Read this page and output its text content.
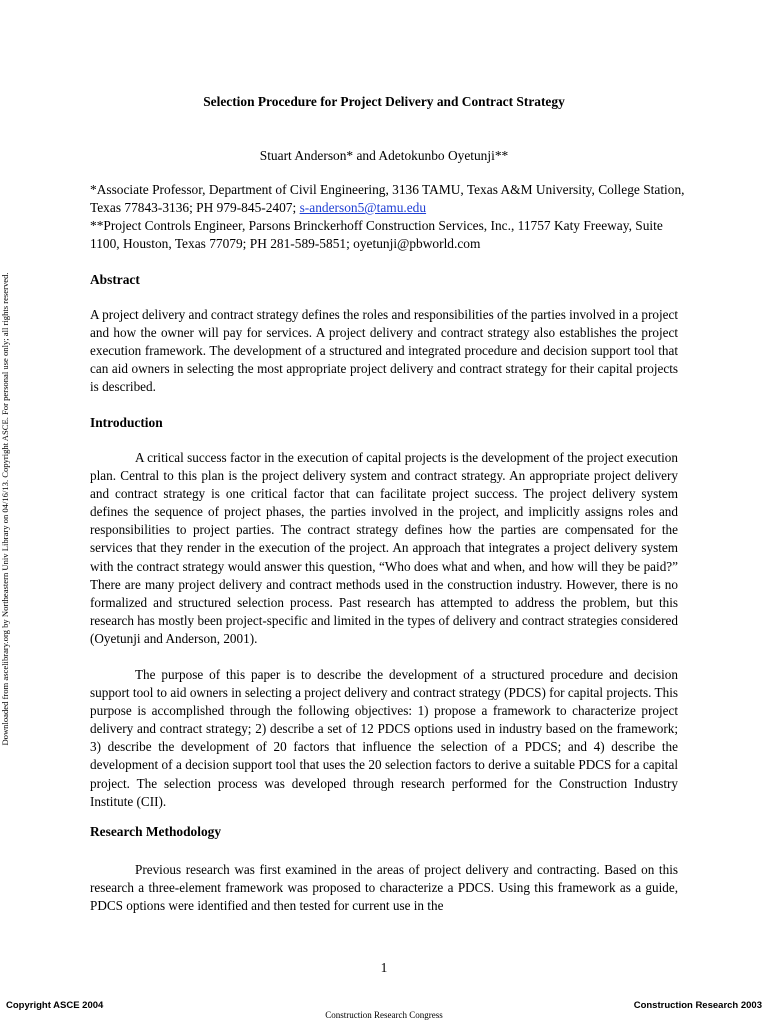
Downloaded from ascelibrary.org by Northeastern Univ Library on 04/16/13. Copyright ASCE. For personal use only; all rights reserved.
Selection Procedure for Project Delivery and Contract Strategy
Stuart Anderson* and Adetokunbo Oyetunji**
*Associate Professor, Department of Civil Engineering, 3136 TAMU, Texas A&M University, College Station, Texas 77843-3136; PH 979-845-2407; s-anderson5@tamu.edu
**Project Controls Engineer, Parsons Brinckerhoff Construction Services, Inc., 11757 Katy Freeway, Suite 1100, Houston, Texas 77079; PH 281-589-5851; oyetunji@pbworld.com
Abstract

A project delivery and contract strategy defines the roles and responsibilities of the parties involved in a project and how the owner will pay for services. A project delivery and contract strategy also establishes the project execution framework. The development of a structured and integrated procedure and decision support tool that can aid owners in selecting the most appropriate project delivery and contract strategy for their capital projects is described.

Introduction

A critical success factor in the execution of capital projects is the development of the project execution plan. Central to this plan is the project delivery system and contract strategy. An appropriate project delivery and contract strategy is one critical factor that can facilitate project success. The project delivery system defines the sequence of project phases, the parties involved in the project, and implicitly assigns roles and responsibilities to project parties. The contract strategy defines how the parties are compensated for the services that they render in the execution of the project. An approach that integrates a project delivery system with the contract strategy would answer this question, “Who does what and when, and how will they be paid?” There are many project delivery and contract methods used in the construction industry. However, there is no formalized and structured selection process. Past research has attempted to address the problem, but this research has mostly been project-specific and limited in the types of delivery and contract strategies considered (Oyetunji and Anderson, 2001).

The purpose of this paper is to describe the development of a structured procedure and decision support tool to aid owners in selecting a project delivery and contract strategy (PDCS) for capital projects. This purpose is accomplished through the following objectives: 1) propose a framework to characterize project delivery and contract strategy; 2) describe a set of 12 PDCS options used in industry based on the framework; 3) describe the development of 20 factors that influence the selection of a PDCS; and 4) describe the development of a decision support tool that uses the 20 selection factors to derive a suitable PDCS for a capital project. The selection process was developed through research performed for the Construction Industry Institute (CII).

Research Methodology

Previous research was first examined in the areas of project delivery and contracting. Based on this research a three-element framework was proposed to characterize a PDCS. Using this framework as a guide, PDCS options were identified and then tested for current use in the

1
Copyright ASCE 2004	Construction Research 2003
Construction Research Congress
